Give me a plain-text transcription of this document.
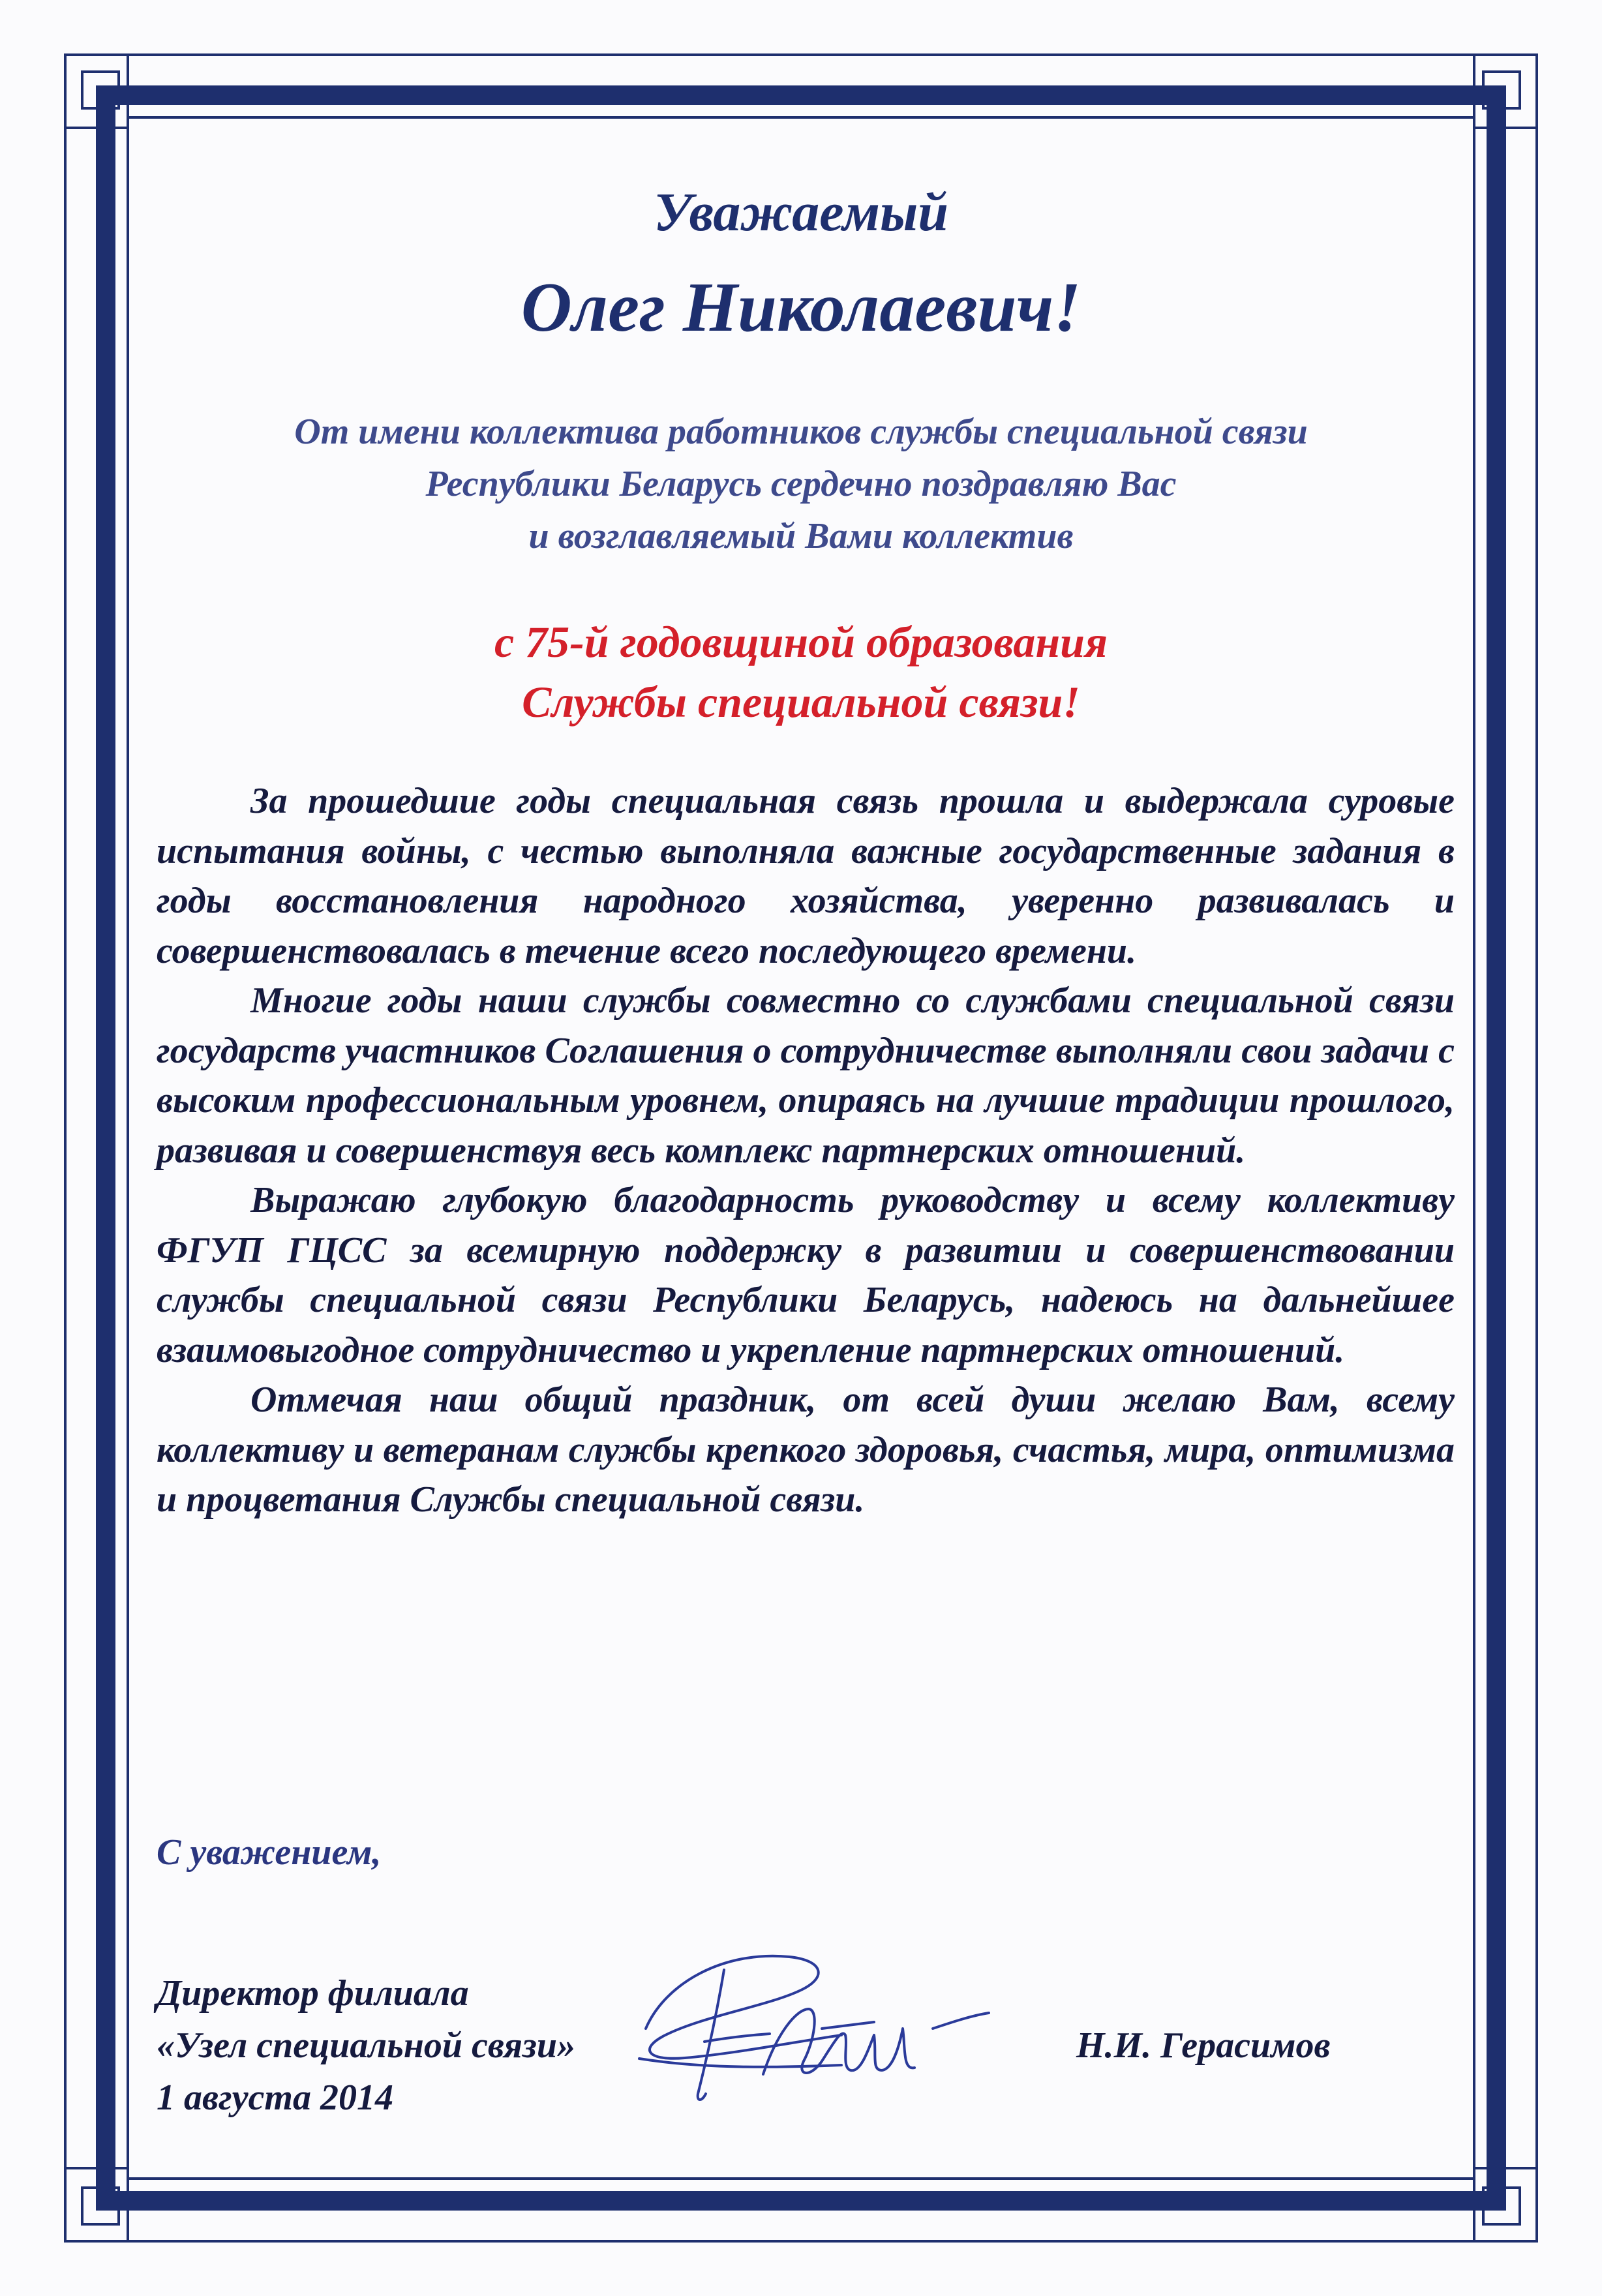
Уважаемый
Олег Николаевич!
От имени коллектива работников службы специальной связи
Республики Беларусь сердечно поздравляю Вас
и возглавляемый Вами коллектив
с 75-й годовщиной образования
Службы специальной связи!

За прошедшие годы специальная связь прошла и выдержала суровые испытания войны, с честью выполняла важные государственные задания в годы восстановления народного хозяйства, уверенно развивалась и совершенствовалась в течение всего последующего времени.

Многие годы наши службы совместно со службами специальной связи государств участников Соглашения о сотрудничестве выполняли свои задачи с высоким профессиональным уровнем, опираясь на лучшие традиции прошлого, развивая и совершенствуя весь комплекс партнерских отношений.

Выражаю глубокую благодарность руководству и всему коллективу ФГУП ГЦСС за всемирную поддержку в развитии и совершенствовании службы специальной связи Республики Беларусь, надеюсь на дальнейшее взаимовыгодное сотрудничество и укрепление партнерских отношений.

Отмечая наш общий праздник, от всей души желаю Вам, всему коллективу и ветеранам службы крепкого здоровья, счастья, мира, оптимизма и процветания Службы специальной связи.

С уважением,
Директор филиала
«Узел специальной связи»
1 августа 2014
Н.И. Герасимов
